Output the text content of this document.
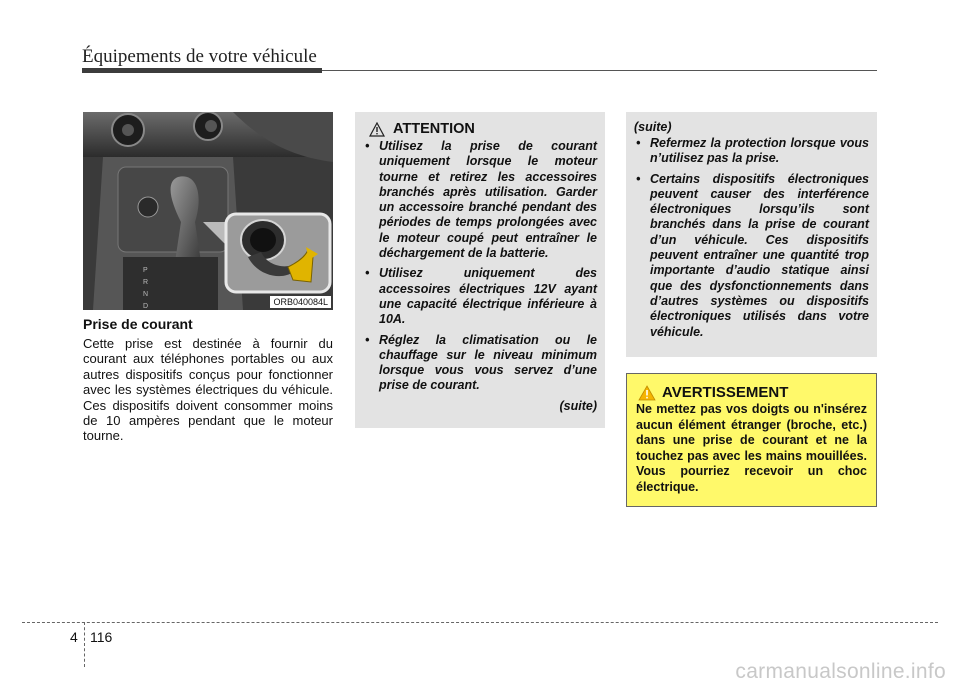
Équipements de votre véhicule
P
R
N
D	ORB040084L
Prise de courant
Cette prise est destinée à fournir du courant aux téléphones portables ou aux autres dispositifs conçus pour fonctionner avec les systèmes électriques du véhicule. Ces dispositifs doivent consommer moins de 10 ampères pendant que le moteur tourne.
ATTENTION
• Utilisez la prise de courant uniquement lorsque le moteur tourne et retirez les accessoires branchés après utilisation. Garder un accessoire branché pendant des périodes de temps prolongées avec le moteur coupé peut entraîner le déchargement de la batterie.
• Utilisez uniquement des accessoires électriques 12V ayant une capacité électrique inférieure à 10A.
• Réglez la climatisation ou le chauffage sur le niveau minimum lorsque vous vous servez d’une prise de courant.
(suite)
(suite)
• Refermez la protection lorsque vous n’utilisez pas la prise.
• Certains dispositifs électroniques peuvent causer des interférence électroniques lorsqu’ils sont branchés dans la prise de courant d’un véhicule. Ces dispositifs peuvent entraîner une quantité trop importante d’audio statique ainsi que des dysfonctionnements dans d’autres systèmes ou dispositifs électroniques utilisés dans votre véhicule.
AVERTISSEMENT
Ne mettez pas vos doigts ou n'insérez aucun élément étranger (broche, etc.) dans une prise de courant et ne la touchez pas avec les mains mouillées. Vous pourriez recevoir un choc électrique.
4 116
carmanualsonline.info
